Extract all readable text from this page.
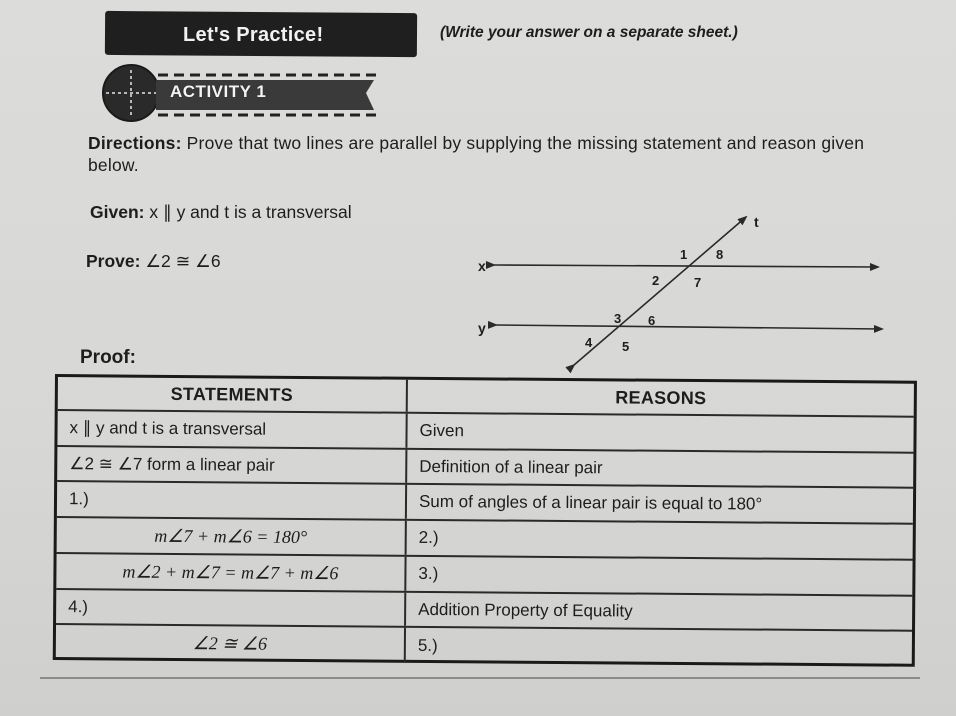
Let's Practice!	(Write your answer on a separate sheet.)
ACTIVITY 1
Directions: Prove that two lines are parallel by supplying the missing statement and reason given below.
Given: x ∥ y and t is a transversal
Prove: ∠2 ≅ ∠6
t
x
y
1 8
2	7
3 6
4 5
Proof:
STATEMENTS	REASONS
x ∥ y and t is a transversal	Given
∠2 ≅ ∠7 form a linear pair	Definition of a linear pair
1.)	Sum of angles of a linear pair is equal to 180°
m∠7 + m∠6 = 180°	2.)
m∠2 + m∠7 = m∠7 + m∠6	3.)
4.)	Addition Property of Equality
∠2 ≅ ∠6	5.)
